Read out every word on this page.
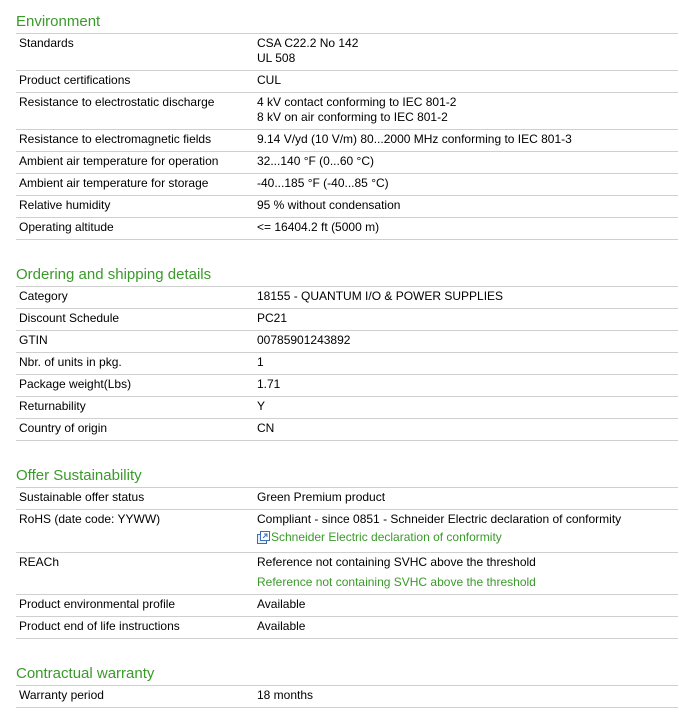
Environment
Standards	CSA C22.2 No 142
UL 508

Product certifications	CUL

Resistance to electrostatic discharge	4 kV contact conforming to IEC 801-2
8 kV on air conforming to IEC 801-2

Resistance to electromagnetic fields	9.14 V/yd (10 V/m) 80...2000 MHz conforming to IEC 801-3

Ambient air temperature for operation	32...140 °F (0...60 °C)

Ambient air temperature for storage	-40...185 °F (-40...85 °C)

Relative humidity	95 % without condensation

Operating altitude	<= 16404.2 ft (5000 m)
Ordering and shipping details
Category	18155 - QUANTUM I/O & POWER SUPPLIES

Discount Schedule	PC21

GTIN	00785901243892

Nbr. of units in pkg.	1

Package weight(Lbs)	1.71

Returnability	Y

Country of origin	CN
Offer Sustainability
Sustainable offer status	Green Premium product
RoHS (date code: YYWW)	Compliant - since 0851 - Schneider Electric declaration of conformity
Schneider Electric declaration of conformity

REACh	Reference not containing SVHC above the threshold
Reference not containing SVHC above the threshold

Product environmental profile	Available
Product end of life instructions	Available
Contractual warranty
Warranty period	18 months
